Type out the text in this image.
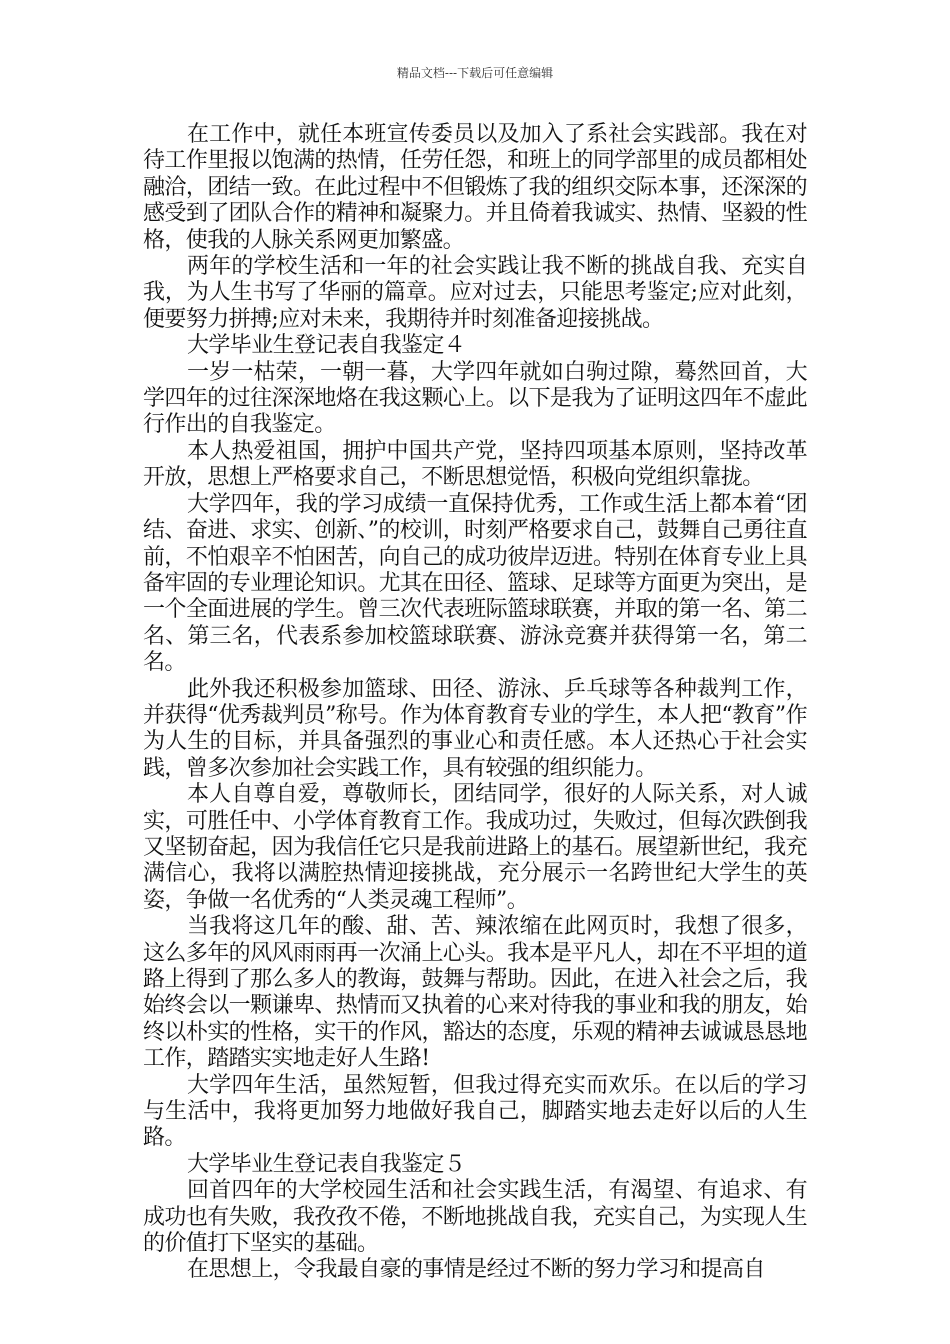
精品文档---下载后可任意编辑

在工作中，就任本班宣传委员以及加入了系社会实践部。我在对待工作里报以饱满的热情，任劳任怨，和班上的同学部里的成员都相处融洽，团结一致。在此过程中不但锻炼了我的组织交际本事，还深深的感受到了团队合作的精神和凝聚力。并且倚着我诚实、热情、坚毅的性格，使我的人脉关系网更加繁盛。

两年的学校生活和一年的社会实践让我不断的挑战自我、充实自我，为人生书写了华丽的篇章。应对过去，只能思考鉴定;应对此刻，便要努力拼搏;应对未来，我期待并时刻准备迎接挑战。

大学毕业生登记表自我鉴定４

一岁一枯荣，一朝一暮，大学四年就如白驹过隙，蓦然回首，大学四年的过往深深地烙在我这颗心上。以下是我为了证明这四年不虚此行作出的自我鉴定。

本人热爱祖国，拥护中国共产党，坚持四项基本原则，坚持改革开放，思想上严格要求自己，不断思想觉悟，积极向党组织靠拢。

大学四年，我的学习成绩一直保持优秀，工作或生活上都本着“团结、奋进、求实、创新、”的校训，时刻严格要求自己，鼓舞自己勇往直前，不怕艰辛不怕困苦，向自己的成功彼岸迈进。特别在体育专业上具备牢固的专业理论知识。尤其在田径、篮球、足球等方面更为突出，是一个全面进展的学生。曾三次代表班际篮球联赛，并取的第一名、第二名、第三名，代表系参加校篮球联赛、游泳竞赛并获得第一名，第二名。

此外我还积极参加篮球、田径、游泳、乒乓球等各种裁判工作，并获得“优秀裁判员”称号。作为体育教育专业的学生，本人把“教育”作为人生的目标，并具备强烈的事业心和责任感。本人还热心于社会实践，曾多次参加社会实践工作，具有较强的组织能力。

本人自尊自爱，尊敬师长，团结同学，很好的人际关系，对人诚实，可胜任中、小学体育教育工作。我成功过，失败过，但每次跌倒我又坚韧奋起，因为我信任它只是我前进路上的基石。展望新世纪，我充满信心，我将以满腔热情迎接挑战，充分展示一名跨世纪大学生的英姿，争做一名优秀的“人类灵魂工程师”。

当我将这几年的酸、甜、苦、辣浓缩在此网页时，我想了很多，这么多年的风风雨雨再一次涌上心头。我本是平凡人，却在不平坦的道路上得到了那么多人的教诲，鼓舞与帮助。因此，在进入社会之后，我始终会以一颗谦卑、热情而又执着的心来对待我的事业和我的朋友，始终以朴实的性格，实干的作风，豁达的态度，乐观的精神去诚诚恳恳地工作，踏踏实实地走好人生路!

大学四年生活，虽然短暂，但我过得充实而欢乐。在以后的学习与生活中，我将更加努力地做好我自己，脚踏实地去走好以后的人生路。

大学毕业生登记表自我鉴定５

回首四年的大学校园生活和社会实践生活，有渴望、有追求、有成功也有失败，我孜孜不倦，不断地挑战自我，充实自己，为实现人生的价值打下坚实的基础。

在思想上，令我最自豪的事情是经过不断的努力学习和提高自
